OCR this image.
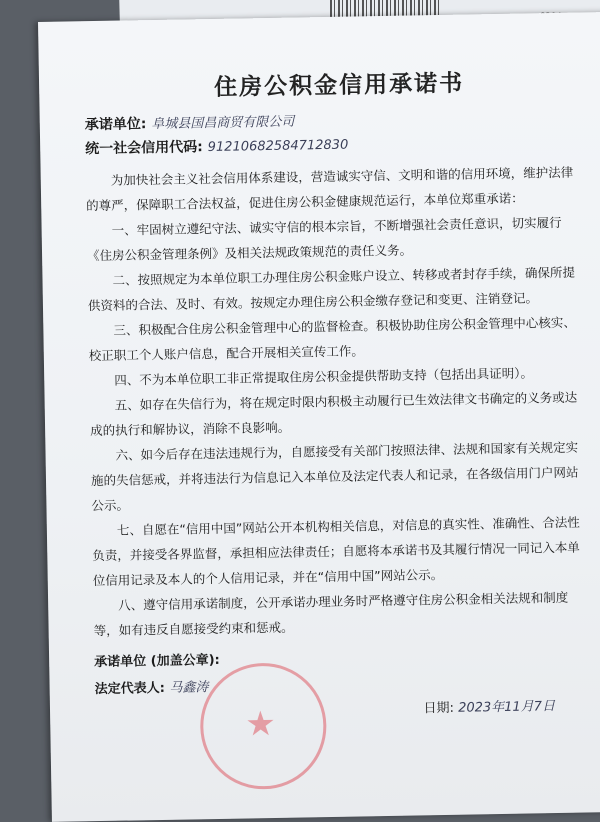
住房公积金信用承诺书
承诺单位: 阜城县国昌商贸有限公司
统一社会信用代码: 91210682584712830

为加快社会主义社会信用体系建设，营造诚实守信、文明和谐的信用环境，维护法律的尊严，保障职工合法权益，促进住房公积金健康规范运行，本单位郑重承诺：

一、牢固树立遵纪守法、诚实守信的根本宗旨，不断增强社会责任意识，切实履行《住房公积金管理条例》及相关法规政策规范的责任义务。

二、按照规定为本单位职工办理住房公积金账户设立、转移或者封存手续，确保所提供资料的合法、及时、有效。按规定办理住房公积金缴存登记和变更、注销登记。

三、积极配合住房公积金管理中心的监督检查。积极协助住房公积金管理中心核实、校正职工个人账户信息，配合开展相关宣传工作。

四、不为本单位职工非正常提取住房公积金提供帮助支持（包括出具证明）。

五、如存在失信行为，将在规定时限内积极主动履行已生效法律文书确定的义务或达成的执行和解协议，消除不良影响。

六、如今后存在违法违规行为，自愿接受有关部门按照法律、法规和国家有关规定实施的失信惩戒，并将违法行为信息记入本单位及法定代表人和记录，在各级信用门户网站公示。

七、自愿在“信用中国”网站公开本机构相关信息，对信息的真实性、准确性、合法性负责，并接受各界监督，承担相应法律责任；自愿将本承诺书及其履行情况一同记入本单位信用记录及本人的个人信用记录，并在“信用中国”网站公示。

八、遵守信用承诺制度，公开承诺办理业务时严格遵守住房公积金相关法规和制度等，如有违反自愿接受约束和惩戒。

承诺单位 (加盖公章):
法定代表人: 马鑫涛
日期: 2023年11月7日
★
